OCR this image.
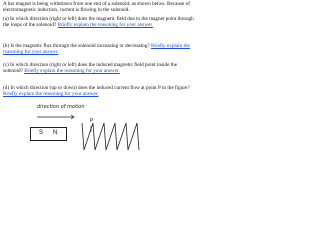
A bar magnet is being withdrawn from one end of a solenoid, as shown below. Because of electromagnetic induction, current is flowing in the solenoid.
(a) In which direction (right or left) does the magnetic field due to the magnet point through the loops of the solenoid? Briefly explain the reasoning for your answer.
(b) Is the magnetic flux through the solenoid increasing or decreasing? Briefly explain the reasoning for your answer.
(c) In which direction (right or left) does the induced magnetic field point inside the solenoid? Briefly explain the reasoning for your answer.
(d) In which direction (up or down) does the induced current flow at point P in the figure? Briefly explain the reasoning for your answer.
direction of motion
S N
P
